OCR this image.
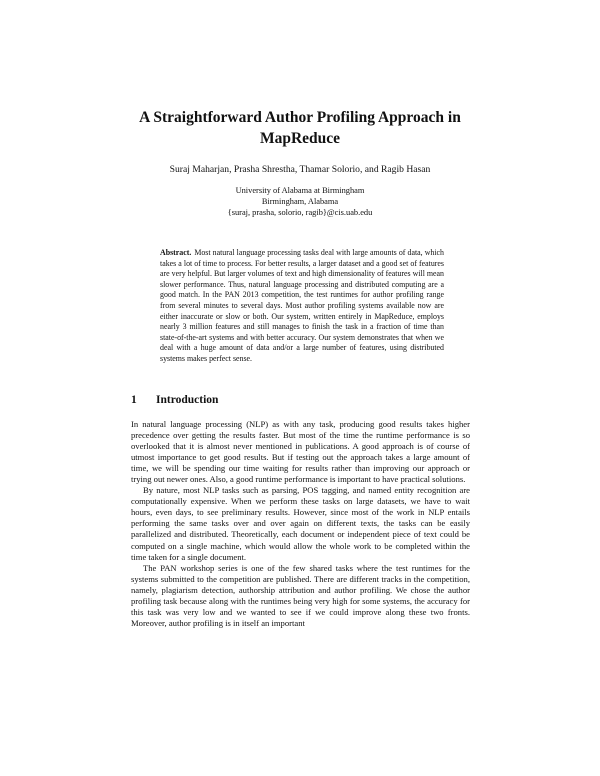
A Straightforward Author Profiling Approach in MapReduce
Suraj Maharjan, Prasha Shrestha, Thamar Solorio, and Ragib Hasan
University of Alabama at Birmingham
Birmingham, Alabama
{suraj, prasha, solorio, ragib}@cis.uab.edu
Abstract. Most natural language processing tasks deal with large amounts of data, which takes a lot of time to process. For better results, a larger dataset and a good set of features are very helpful. But larger volumes of text and high dimensionality of features will mean slower performance. Thus, natural language processing and distributed computing are a good match. In the PAN 2013 competition, the test runtimes for author profiling range from several minutes to several days. Most author profiling systems available now are either inaccurate or slow or both. Our system, written entirely in MapReduce, employs nearly 3 million features and still manages to finish the task in a fraction of time than state-of-the-art systems and with better accuracy. Our system demonstrates that when we deal with a huge amount of data and/or a large number of features, using distributed systems makes perfect sense.
1 Introduction

In natural language processing (NLP) as with any task, producing good results takes higher precedence over getting the results faster. But most of the time the runtime performance is so overlooked that it is almost never mentioned in publications. A good approach is of course of utmost importance to get good results. But if testing out the approach takes a large amount of time, we will be spending our time waiting for results rather than improving our approach or trying out newer ones. Also, a good runtime performance is important to have practical solutions.

By nature, most NLP tasks such as parsing, POS tagging, and named entity recognition are computationally expensive. When we perform these tasks on large datasets, we have to wait hours, even days, to see preliminary results. However, since most of the work in NLP entails performing the same tasks over and over again on different texts, the tasks can be easily parallelized and distributed. Theoretically, each document or independent piece of text could be computed on a single machine, which would allow the whole work to be completed within the time taken for a single document.

The PAN workshop series is one of the few shared tasks where the test runtimes for the systems submitted to the competition are published. There are different tracks in the competition, namely, plagiarism detection, authorship attribution and author profiling. We chose the author profiling task because along with the runtimes being very high for some systems, the accuracy for this task was very low and we wanted to see if we could improve along these two fronts. Moreover, author profiling is in itself an important
